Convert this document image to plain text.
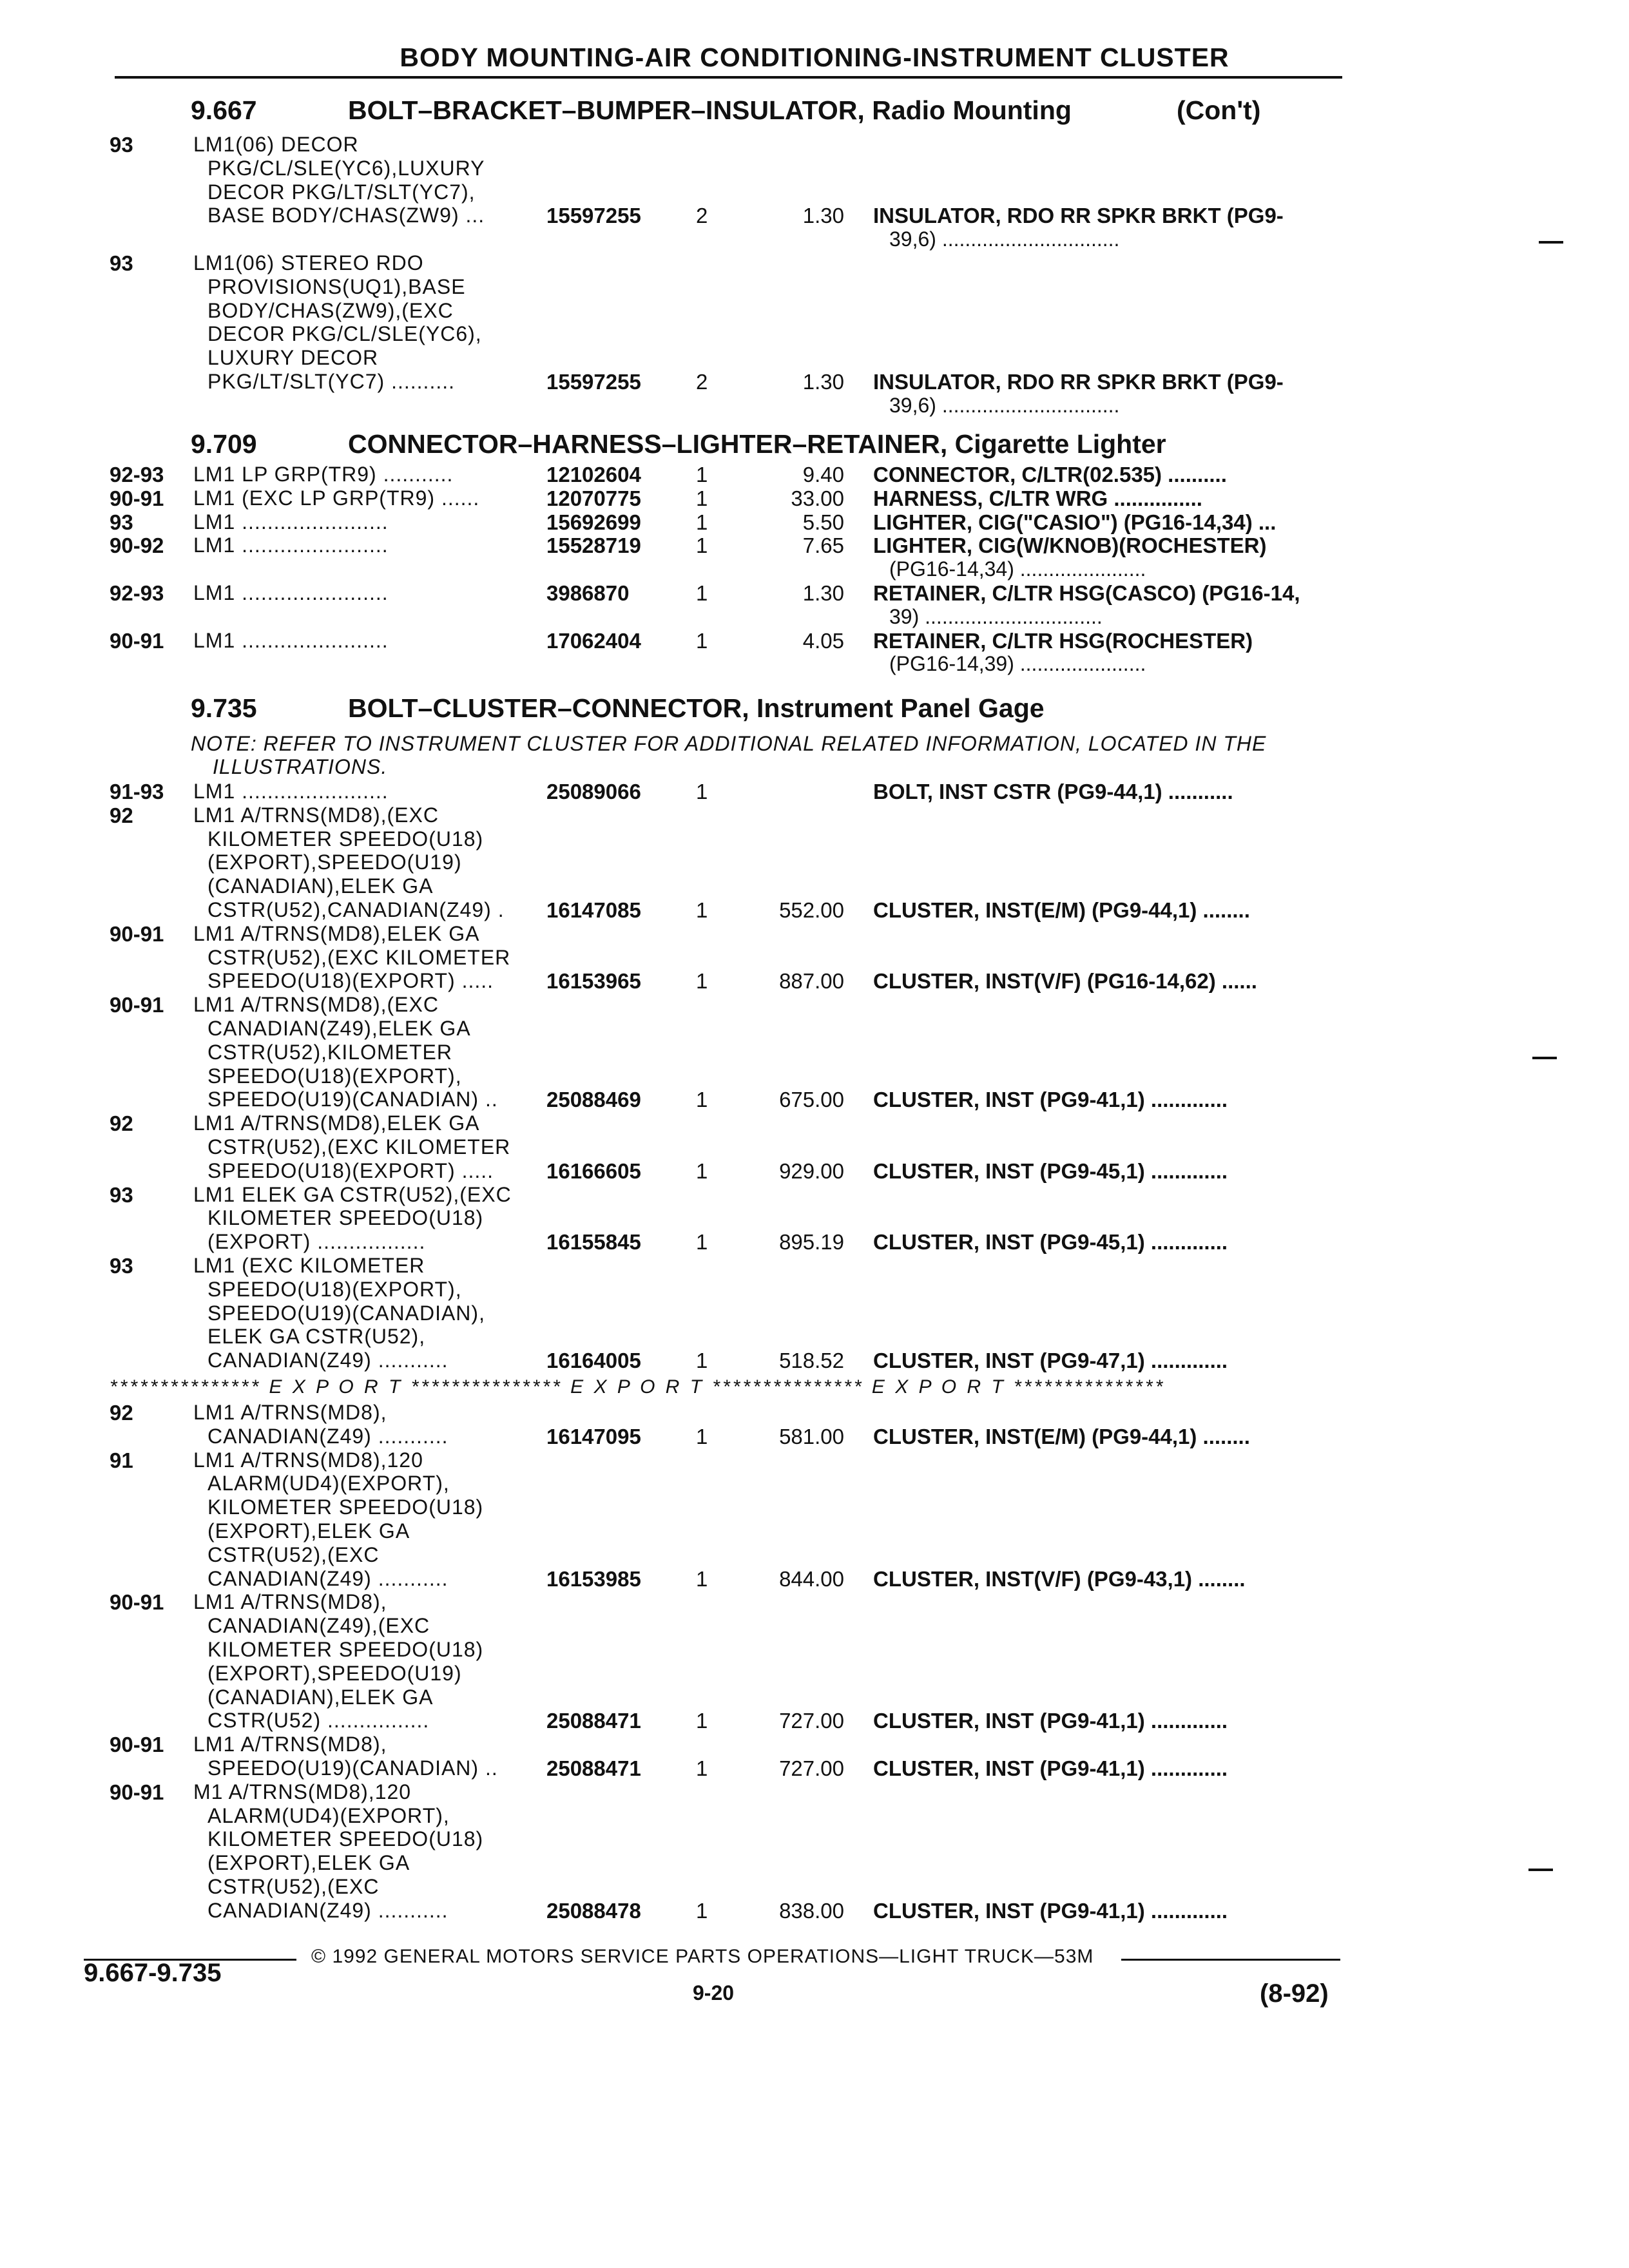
BODY MOUNTING-AIR CONDITIONING-INSTRUMENT CLUSTER
9.667	BOLT–BRACKET–BUMPER–INSULATOR, Radio Mounting	(Con't)
93	LM1(06) DECOR
PKG/CL/SLE(YC6),LUXURY
DECOR PKG/LT/SLT(YC7),
BASE BODY/CHAS(ZW9) ...	15597255	2	1.30 INSULATOR, RDO RR SPKR BRKT (PG9-
39,6) ...............................
93	LM1(06) STEREO RDO
PROVISIONS(UQ1),BASE
BODY/CHAS(ZW9),(EXC
DECOR PKG/CL/SLE(YC6),
LUXURY DECOR
PKG/LT/SLT(YC7) ..........	15597255	2	1.30 INSULATOR, RDO RR SPKR BRKT (PG9-
39,6) ...............................
9.709	CONNECTOR–HARNESS–LIGHTER–RETAINER, Cigarette Lighter
92-93 LM1 LP GRP(TR9) ...........	12102604	1	9.40 CONNECTOR, C/LTR(02.535) ..........
90-91 LM1 (EXC LP GRP(TR9) ......	12070775	1	33.00 HARNESS, C/LTR WRG ...............
93	LM1 .......................	15692699	1	5.50 LIGHTER, CIG("CASIO") (PG16-14,34) ...
90-92 LM1 .......................	15528719	1	7.65 LIGHTER, CIG(W/KNOB)(ROCHESTER)
(PG16-14,34) ......................
92-93 LM1 .......................	3986870	1	1.30 RETAINER, C/LTR HSG(CASCO) (PG16-14,
39) ...............................
90-91 LM1 .......................	17062404	1	4.05 RETAINER, C/LTR HSG(ROCHESTER)
(PG16-14,39) ......................
9.735	BOLT–CLUSTER–CONNECTOR, Instrument Panel Gage
NOTE: REFER TO INSTRUMENT CLUSTER FOR ADDITIONAL RELATED INFORMATION, LOCATED IN THE
ILLUSTRATIONS.
91-93 LM1 .......................	25089066	1	BOLT, INST CSTR (PG9-44,1) ...........
92	LM1 A/TRNS(MD8),(EXC
KILOMETER SPEEDO(U18)
(EXPORT),SPEEDO(U19)
(CANADIAN),ELEK GA
CSTR(U52),CANADIAN(Z49) . 16147085	1	552.00 CLUSTER, INST(E/M) (PG9-44,1) ........
90-91 LM1 A/TRNS(MD8),ELEK GA
CSTR(U52),(EXC KILOMETER
SPEEDO(U18)(EXPORT) ..... 16153965	1	887.00 CLUSTER, INST(V/F) (PG16-14,62) ......
90-91 LM1 A/TRNS(MD8),(EXC
CANADIAN(Z49),ELEK GA
CSTR(U52),KILOMETER
SPEEDO(U18)(EXPORT),
SPEEDO(U19)(CANADIAN) .. 25088469	1	675.00 CLUSTER, INST (PG9-41,1) .............
92	LM1 A/TRNS(MD8),ELEK GA
CSTR(U52),(EXC KILOMETER
SPEEDO(U18)(EXPORT) ..... 16166605	1	929.00 CLUSTER, INST (PG9-45,1) .............
93	LM1 ELEK GA CSTR(U52),(EXC
KILOMETER SPEEDO(U18)
(EXPORT) .................	16155845	1	895.19 CLUSTER, INST (PG9-45,1) .............
93	LM1 (EXC KILOMETER
SPEEDO(U18)(EXPORT),
SPEEDO(U19)(CANADIAN),
ELEK GA CSTR(U52),
CANADIAN(Z49) ...........	16164005	1	518.52 CLUSTER, INST (PG9-47,1) .............
92	LM1 A/TRNS(MD8),
CANADIAN(Z49) ...........	16147095	1	581.00 CLUSTER, INST(E/M) (PG9-44,1) ........
91	LM1 A/TRNS(MD8),120
ALARM(UD4)(EXPORT),
KILOMETER SPEEDO(U18)
(EXPORT),ELEK GA
CSTR(U52),(EXC
CANADIAN(Z49) ...........	16153985	1	844.00 CLUSTER, INST(V/F) (PG9-43,1) ........
90-91 LM1 A/TRNS(MD8),
CANADIAN(Z49),(EXC
KILOMETER SPEEDO(U18)
(EXPORT),SPEEDO(U19)
(CANADIAN),ELEK GA
CSTR(U52) ................	25088471	1	727.00 CLUSTER, INST (PG9-41,1) .............
90-91 LM1 A/TRNS(MD8),
SPEEDO(U19)(CANADIAN) .. 25088471	1	727.00 CLUSTER, INST (PG9-41,1) .............
90-91 M1 A/TRNS(MD8),120
ALARM(UD4)(EXPORT),
KILOMETER SPEEDO(U18)
(EXPORT),ELEK GA
CSTR(U52),(EXC
CANADIAN(Z49) ...........	25088478	1	838.00 CLUSTER, INST (PG9-41,1) .............
*************** E X P O R T *************** E X P O R T *************** E X P O R T ***************
© 1992 GENERAL MOTORS SERVICE PARTS OPERATIONS—LIGHT TRUCK—53M
9.667-9.735
9-20	(8-92)
